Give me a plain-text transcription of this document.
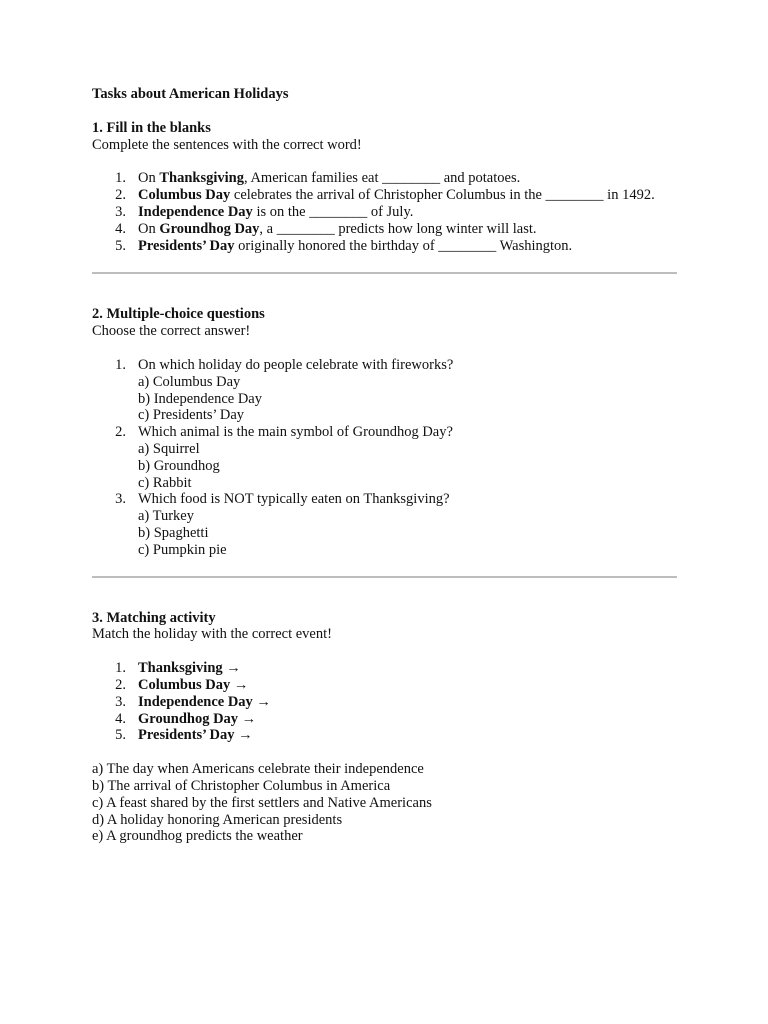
Tasks about American Holidays

1. Fill in the blanks

Complete the sentences with the correct word!

1. On Thanksgiving, American families eat ________ and potatoes.
2. Columbus Day celebrates the arrival of Christopher Columbus in the ________ in 1492.
3. Independence Day is on the ________ of July.
4. On Groundhog Day, a ________ predicts how long winter will last.
5. Presidents’ Day originally honored the birthday of ________ Washington.

2. Multiple-choice questions

Choose the correct answer!

1. On which holiday do people celebrate with fireworks?
a) Columbus Day
b) Independence Day
c) Presidents’ Day
2. Which animal is the main symbol of Groundhog Day?
a) Squirrel
b) Groundhog
c) Rabbit
3. Which food is NOT typically eaten on Thanksgiving?
a) Turkey
b) Spaghetti
c) Pumpkin pie

3. Matching activity

Match the holiday with the correct event!

1. Thanksgiving →
2. Columbus Day →
3. Independence Day →
4. Groundhog Day →
5. Presidents’ Day →
a) The day when Americans celebrate their independence
b) The arrival of Christopher Columbus in America
c) A feast shared by the first settlers and Native Americans
d) A holiday honoring American presidents
e) A groundhog predicts the weather
